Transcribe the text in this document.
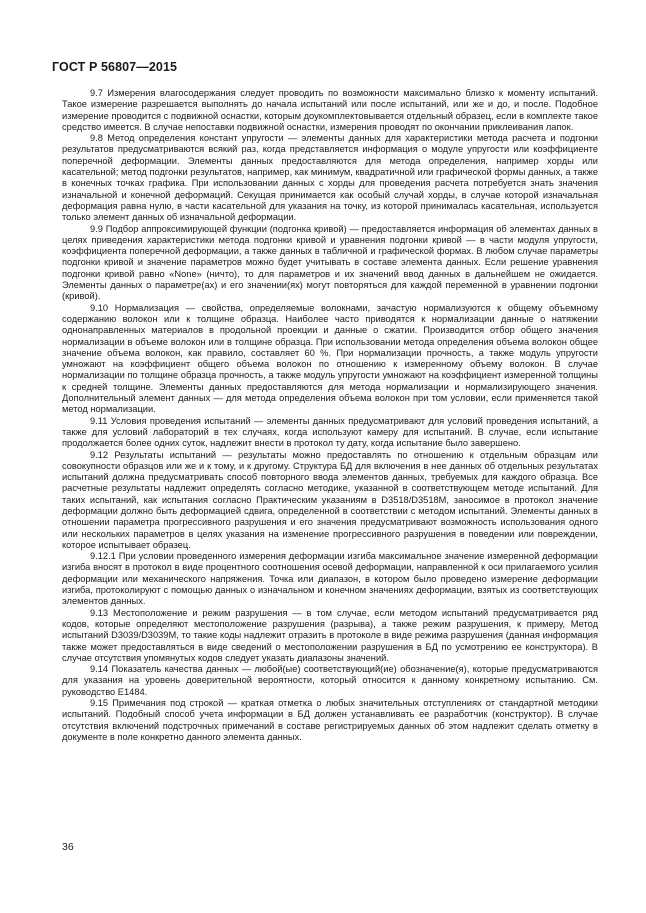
ГОСТ Р 56807—2015

9.7 Измерения влагосодержания следует проводить по возможности максимально близко к моменту испытаний. Такое измерение разрешается выполнять до начала испытаний или после испытаний, или же и до, и после. Подобное измерение проводится с подвижной оснастки, которым доукомплектовывается отдельный образец, если в комплекте такое средство имеется. В случае непоставки подвижной оснастки, измерения проводят по окончании приклеивания лапок.

9.8 Метод определения констант упругости — элементы данных для характеристики метода расчета и подгонки результатов предусматриваются всякий раз, когда представляется информация о модуле упругости или коэффициенте поперечной деформации. Элементы данных предоставляются для метода определения, например хорды или касательной; метод подгонки результатов, например, как минимум, квадратичной или графической формы данных, а также в конечных точках графика. При использовании данных с хорды для проведения расчета потребуется знать значения изначальной и конечной деформаций. Секущая принимается как особый случай хорды, в случае которой изначальная деформация равна нулю, в части касательной для указания на точку, из которой принималась касательная, используется только элемент данных об изначальной деформации.

9.9 Подбор аппроксимирующей функции (подгонка кривой) — предоставляется информация об элементах данных в целях приведения характеристики метода подгонки кривой и уравнения подгонки кривой — в части модуля упругости, коэффициента поперечной деформации, а также данных в табличной и графической формах. В любом случае параметры подгонки кривой и значение параметров можно будет учитывать в составе элемента данных. Если решение уравнения подгонки кривой равно «None» (ничто), то для параметров и их значений ввод данных в дальнейшем не ожидается. Элементы данных о параметре(ах) и его значении(ях) могут повторяться для каждой переменной в уравнении подгонки (кривой).

9.10 Нормализация — свойства, определяемые волокнами, зачастую нормализуются к общему объемному содержанию волокон или к толщине образца. Наиболее часто приводятся к нормализации данные о натяжении однонаправленных материалов в продольной проекции и данные о сжатии. Производится отбор общего значения нормализации в объеме волокон или в толщине образца. При использовании метода определения объема волокон общее значение объема волокон, как правило, составляет 60 %. При нормализации прочность, а также модуль упругости умножают на коэффициент общего объема волокон по отношению к измеренному объему волокон. В случае нормализации по толщине образца прочность, а также модуль упругости умножают на коэффициент измеренной толщины к средней толщине. Элементы данных предоставляются для метода нормализации и нормализирующего значения. Дополнительный элемент данных — для метода определения объема волокон при том условии, если применяется такой метод нормализации.

9.11 Условия проведения испытаний — элементы данных предусматривают для условий проведения испытаний, а также для условий лабораторий в тех случаях, когда используют камеру для испытаний. В случае, если испытание продолжается более одних суток, надлежит внести в протокол ту дату, когда испытание было завершено.

9.12 Результаты испытаний — результаты можно предоставлять по отношению к отдельным образцам или совокупности образцов или же и к тому, и к другому. Структура БД для включения в нее данных об отдельных результатах испытаний должна предусматривать способ повторного ввода элементов данных, требуемых для каждого образца. Все расчетные результаты надлежит определять согласно методике, указанной в соответствующем методе испытаний. Для таких испытаний, как испытания согласно Практическим указаниям в D3518/D3518M, заносимое в протокол значение деформации должно быть деформацией сдвига, определенной в соответствии с методом испытаний. Элементы данных в отношении параметра прогрессивного разрушения и его значения предусматривают возможность использования одного или нескольких параметров в целях указания на изменение прогрессивного разрушения в поведении или повреждении, которое испытывает образец.

9.12.1 При условии проведенного измерения деформации изгиба максимальное значение измеренной деформации изгиба вносят в протокол в виде процентного соотношения осевой деформации, направленной к оси прилагаемого усилия деформации или механического напряжения. Точка или диапазон, в котором было проведено измерение деформации изгиба, протоколируют с помощью данных о изначальном и конечном значениях деформации, взятых из соответствующих элементов данных.

9.13 Местоположение и режим разрушения — в том случае, если методом испытаний предусматривается ряд кодов, которые определяют местоположение разрушения (разрыва), а также режим разрушения, к примеру, Метод испытаний D3039/D3039M, то такие коды надлежит отразить в протоколе в виде режима разрушения (данная информация также может предоставляться в виде сведений о местоположении разрушения в БД по усмотрению ее конструктора). В случае отсутствия упомянутых кодов следует указать диапазоны значений.

9.14 Показатель качества данных — любой(ые) соответствующий(ие) обозначение(я), которые предусматриваются для указания на уровень доверительной вероятности, который относится к данному конкретному испытанию. См. руководство Е1484.

9.15 Примечания под строкой — краткая отметка о любых значительных отступлениях от стандартной методики испытаний. Подобный способ учета информации в БД должен устанавливать ее разработчик (конструктор). В случае отсутствия включений подстрочных примечаний в составе регистрируемых данных об этом надлежит сделать отметку в документе в поле конкретно данного элемента данных.

36
